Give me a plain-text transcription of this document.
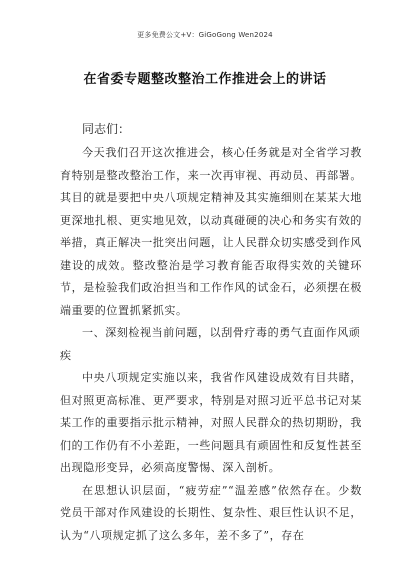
更多免费公文+V：GiGoGong Wen2024
在省委专题整改整治工作推进会上的讲话

同志们：

今天我们召开这次推进会，核心任务就是对全省学习教育特别是整改整治工作，来一次再审视、再动员、再部署。其目的就是要把中央八项规定精神及其实施细则在某某大地更深地扎根、更实地见效，以动真碰硬的决心和务实有效的举措，真正解决一批突出问题，让人民群众切实感受到作风建设的成效。整改整治是学习教育能否取得实效的关键环节，是检验我们政治担当和工作作风的试金石，必须摆在极端重要的位置抓紧抓实。

一、深刻检视当前问题，以刮骨疗毒的勇气直面作风顽疾

中央八项规定实施以来，我省作风建设成效有目共睹，但对照更高标准、更严要求，特别是对照习近平总书记对某某工作的重要指示批示精神，对照人民群众的热切期盼，我们的工作仍有不小差距，一些问题具有顽固性和反复性甚至出现隐形变异，必须高度警惕、深入剖析。

在思想认识层面，“疲劳症”“温差感”依然存在。少数党员干部对作风建设的长期性、复杂性、艰巨性认识不足，认为“八项规定抓了这么多年，差不多了”，存在
